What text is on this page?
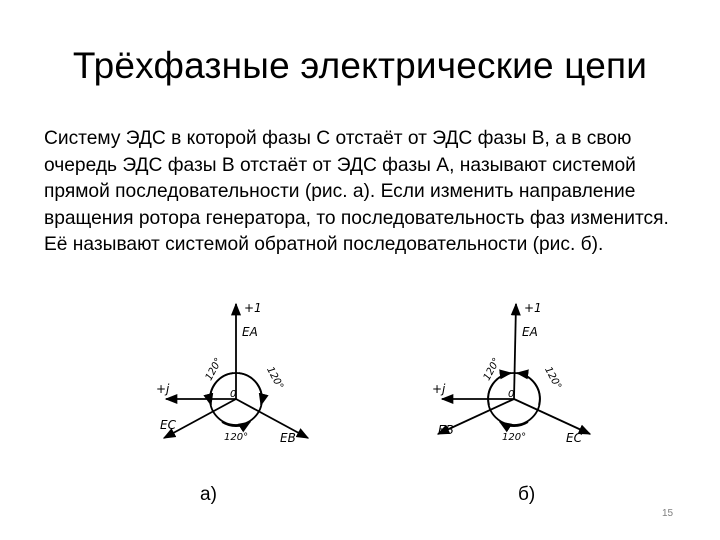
Трёхфазные электрические цепи
Систему ЭДС в которой фазы С отстаёт от ЭДС фазы В, а в свою очередь ЭДС фазы В отстаёт от ЭДС фазы А, называют системой прямой последовательности (рис. а). Если изменить направление вращения ротора генератора, то последовательность фаз изменится. Её называют системой обратной последовательности (рис. б).
+1
EA
+j	0
120°	120°
120°
EC
EB
а)
+1
EA
+j	0
120°	120°
120°
EB
EC
б)
15
